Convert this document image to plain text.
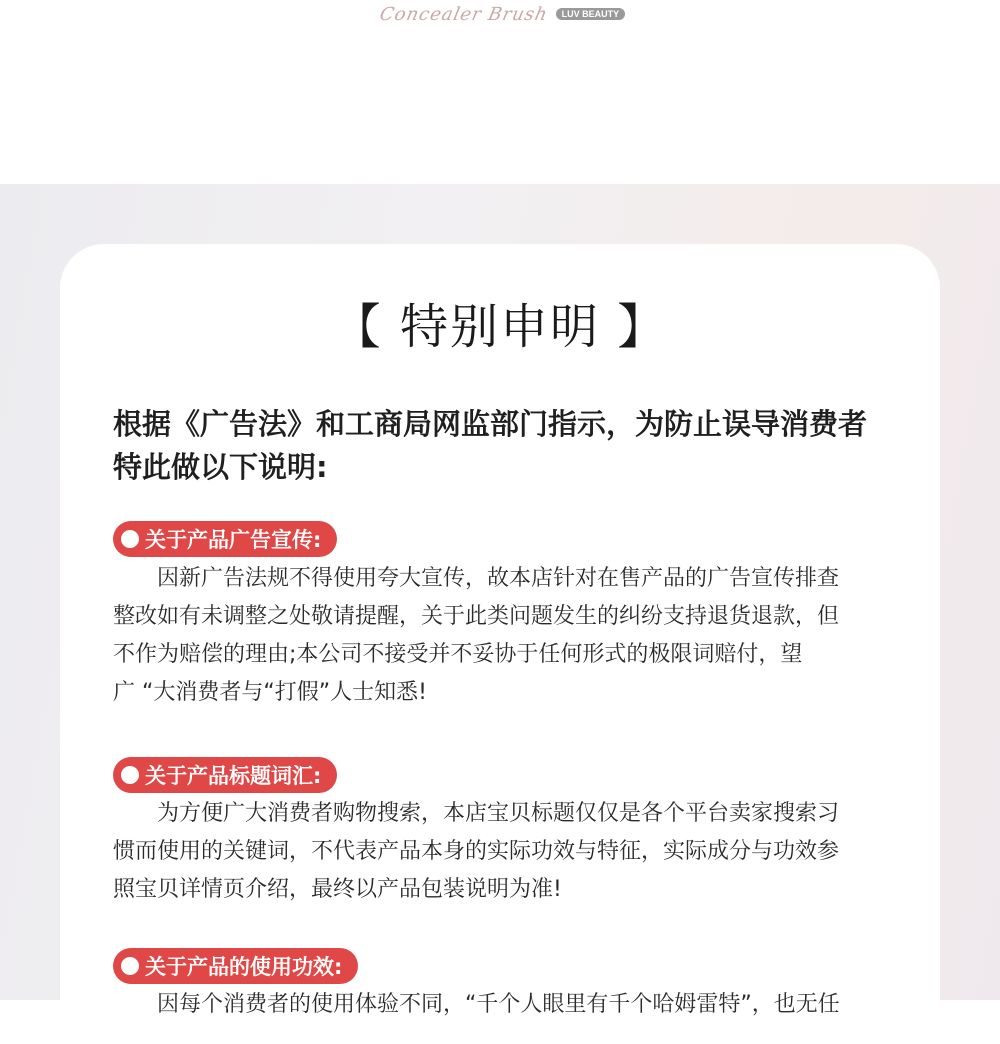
Concealer Brush	LUV BEAUTY
【 特别申明 】
根据《广告法》和工商局网监部门指示，为防止误导消费者
特此做以下说明:
关于产品广告宣传:
　　因新广告法规不得使用夸大宣传，故本店针对在售产品的广告宣传排查
整改如有未调整之处敬请提醒，关于此类问题发生的纠纷支持退货退款，但
不作为赔偿的理由;本公司不接受并不妥协于任何形式的极限词赔付，望
广 “大消费者与“打假”人士知悉!
关于产品标题词汇:
　　为方便广大消费者购物搜索，本店宝贝标题仅仅是各个平台卖家搜索习
惯而使用的关键词，不代表产品本身的实际功效与特征，实际成分与功效参
照宝贝详情页介绍，最终以产品包装说明为准!
关于产品的使用功效:
　　因每个消费者的使用体验不同，“千个人眼里有千个哈姆雷特”，也无任
